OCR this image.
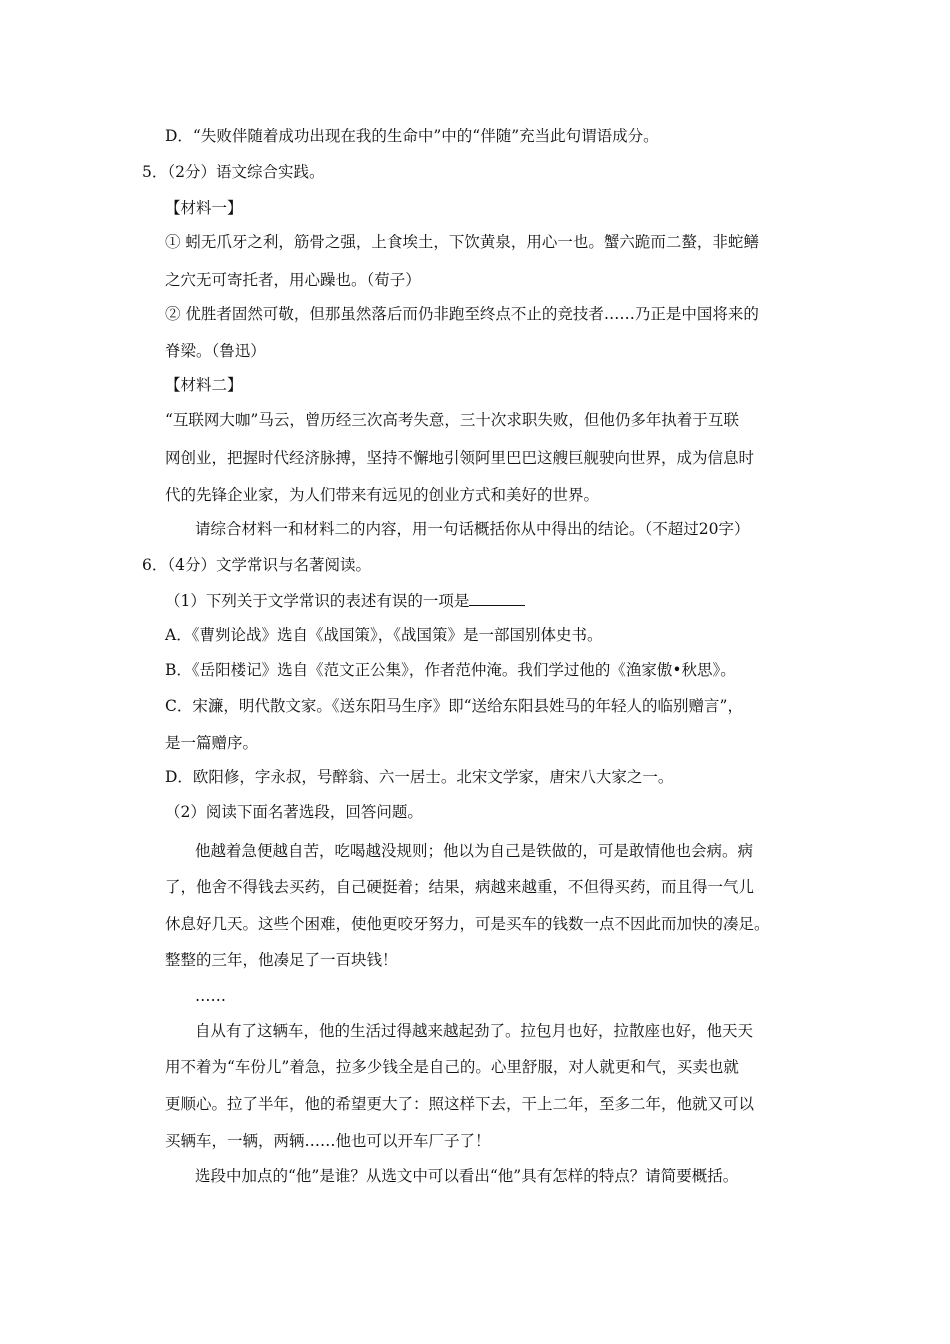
D．“失败伴随着成功出现在我的生命中”中的“伴随”充当此句谓语成分。

5．（2分）语文综合实践。

【材料一】

① 蚓无爪牙之利，筋骨之强，上食埃土，下饮黄泉，用心一也。蟹六跪而二螯，非蛇鳝

之穴无可寄托者，用心躁也。（荀子）

② 优胜者固然可敬，但那虽然落后而仍非跑至终点不止的竞技者……乃正是中国将来的

脊梁。（鲁迅）

【材料二】

“互联网大咖”马云，曾历经三次高考失意，三十次求职失败，但他仍多年执着于互联

网创业，把握时代经济脉搏，坚持不懈地引领阿里巴巴这艘巨舰驶向世界，成为信息时

代的先锋企业家，为人们带来有远见的创业方式和美好的世界。

请综合材料一和材料二的内容，用一句话概括你从中得出的结论。（不超过20字）

6．（4分）文学常识与名著阅读。

（1）下列关于文学常识的表述有误的一项是

A．《曹刿论战》选自《战国策》，《战国策》是一部国别体史书。

B．《岳阳楼记》选自《范文正公集》，作者范仲淹。我们学过他的《渔家傲•秋思》。

C．宋濂，明代散文家。《送东阳马生序》即“送给东阳县姓马的年轻人的临别赠言”，

是一篇赠序。

D．欧阳修，字永叔，号醉翁、六一居士。北宋文学家，唐宋八大家之一。

（2）阅读下面名著选段，回答问题。

他越着急便越自苦，吃喝越没规则；他以为自己是铁做的，可是敢情他也会病。病

了，他舍不得钱去买药，自己硬挺着；结果，病越来越重，不但得买药，而且得一气儿

休息好几天。这些个困难，使他更咬牙努力，可是买车的钱数一点不因此而加快的凑足。

整整的三年，他凑足了一百块钱！

……

自从有了这辆车，他的生活过得越来越起劲了。拉包月也好，拉散座也好，他天天

用不着为“车份儿”着急，拉多少钱全是自己的。心里舒服，对人就更和气，买卖也就

更顺心。拉了半年，他的希望更大了：照这样下去，干上二年，至多二年，他就又可以

买辆车，一辆，两辆……他也可以开车厂子了！

选段中加点的“他”是谁？从选文中可以看出“他”具有怎样的特点？请简要概括。
